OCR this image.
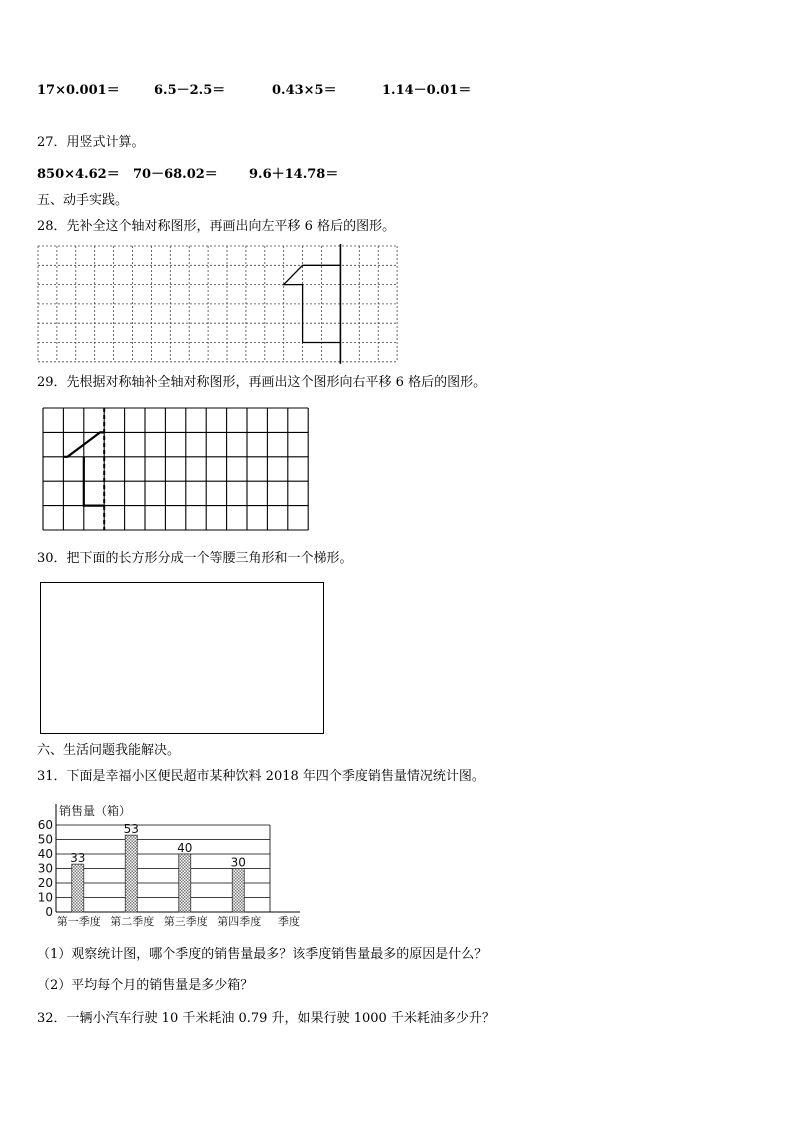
17×0.001＝	6.5－2.5＝	0.43×5＝	1.14－0.01＝
27．用竖式计算。
850×4.62＝ 70－68.02＝ 9.6＋14.78＝
五、动手实践。
28．先补全这个轴对称图形，再画出向左平移 6 格后的图形。
29．先根据对称轴补全轴对称图形，再画出这个图形向右平移 6 格后的图形。
30．把下面的长方形分成一个等腰三角形和一个梯形。
六、生活问题我能解决。
31．下面是幸福小区便民超市某种饮料 2018 年四个季度销售量情况统计图。
0
10
20
30
40
50
60
销售量（箱）
33
53
40
30
第一季度 第二季度 第三季度 第四季度 季度
（1）观察统计图，哪个季度的销售量最多？该季度销售量最多的原因是什么？
（2）平均每个月的销售量是多少箱？
32．一辆小汽车行驶 10 千米耗油 0.79 升，如果行驶 1000 千米耗油多少升？
